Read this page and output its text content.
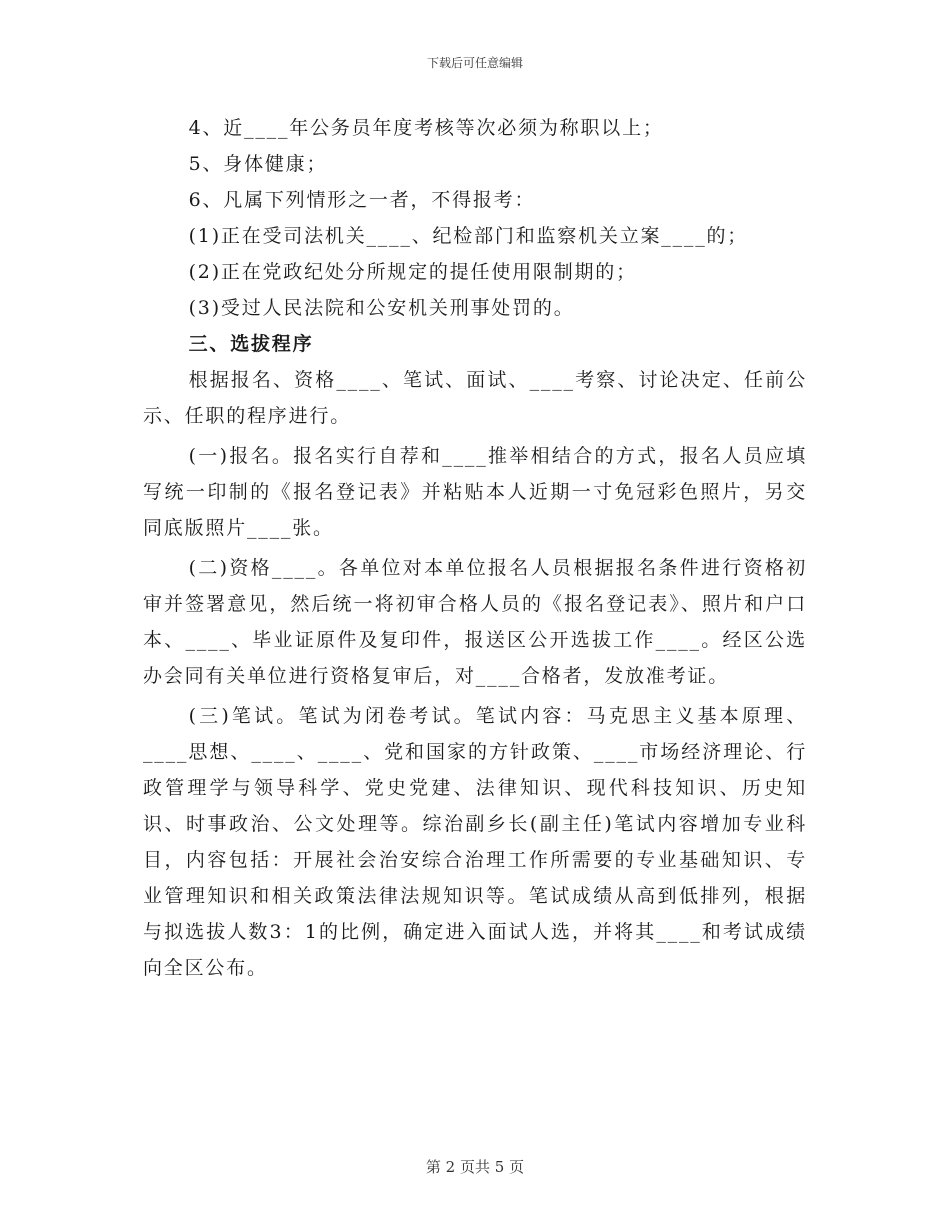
下载后可任意编辑

4、近____年公务员年度考核等次必须为称职以上；

5、身体健康；

6、凡属下列情形之一者，不得报考：

(1)正在受司法机关____、纪检部门和监察机关立案____的；

(2)正在党政纪处分所规定的提任使用限制期的；

(3)受过人民法院和公安机关刑事处罚的。

三、选拔程序

根据报名、资格____、笔试、面试、____考察、讨论决定、任前公示、任职的程序进行。

(一)报名。报名实行自荐和____推举相结合的方式，报名人员应填写统一印制的《报名登记表》并粘贴本人近期一寸免冠彩色照片，另交同底版照片____张。

(二)资格____。各单位对本单位报名人员根据报名条件进行资格初审并签署意见，然后统一将初审合格人员的《报名登记表》、照片和户口本、____、毕业证原件及复印件，报送区公开选拔工作____。经区公选办会同有关单位进行资格复审后，对____合格者，发放准考证。

(三)笔试。笔试为闭卷考试。笔试内容：马克思主义基本原理、____思想、____、____、党和国家的方针政策、____市场经济理论、行政管理学与领导科学、党史党建、法律知识、现代科技知识、历史知识、时事政治、公文处理等。综治副乡长(副主任)笔试内容增加专业科目，内容包括：开展社会治安综合治理工作所需要的专业基础知识、专业管理知识和相关政策法律法规知识等。笔试成绩从高到低排列，根据与拟选拔人数3：1的比例，确定进入面试人选，并将其____和考试成绩向全区公布。

第 2 页共 5 页
